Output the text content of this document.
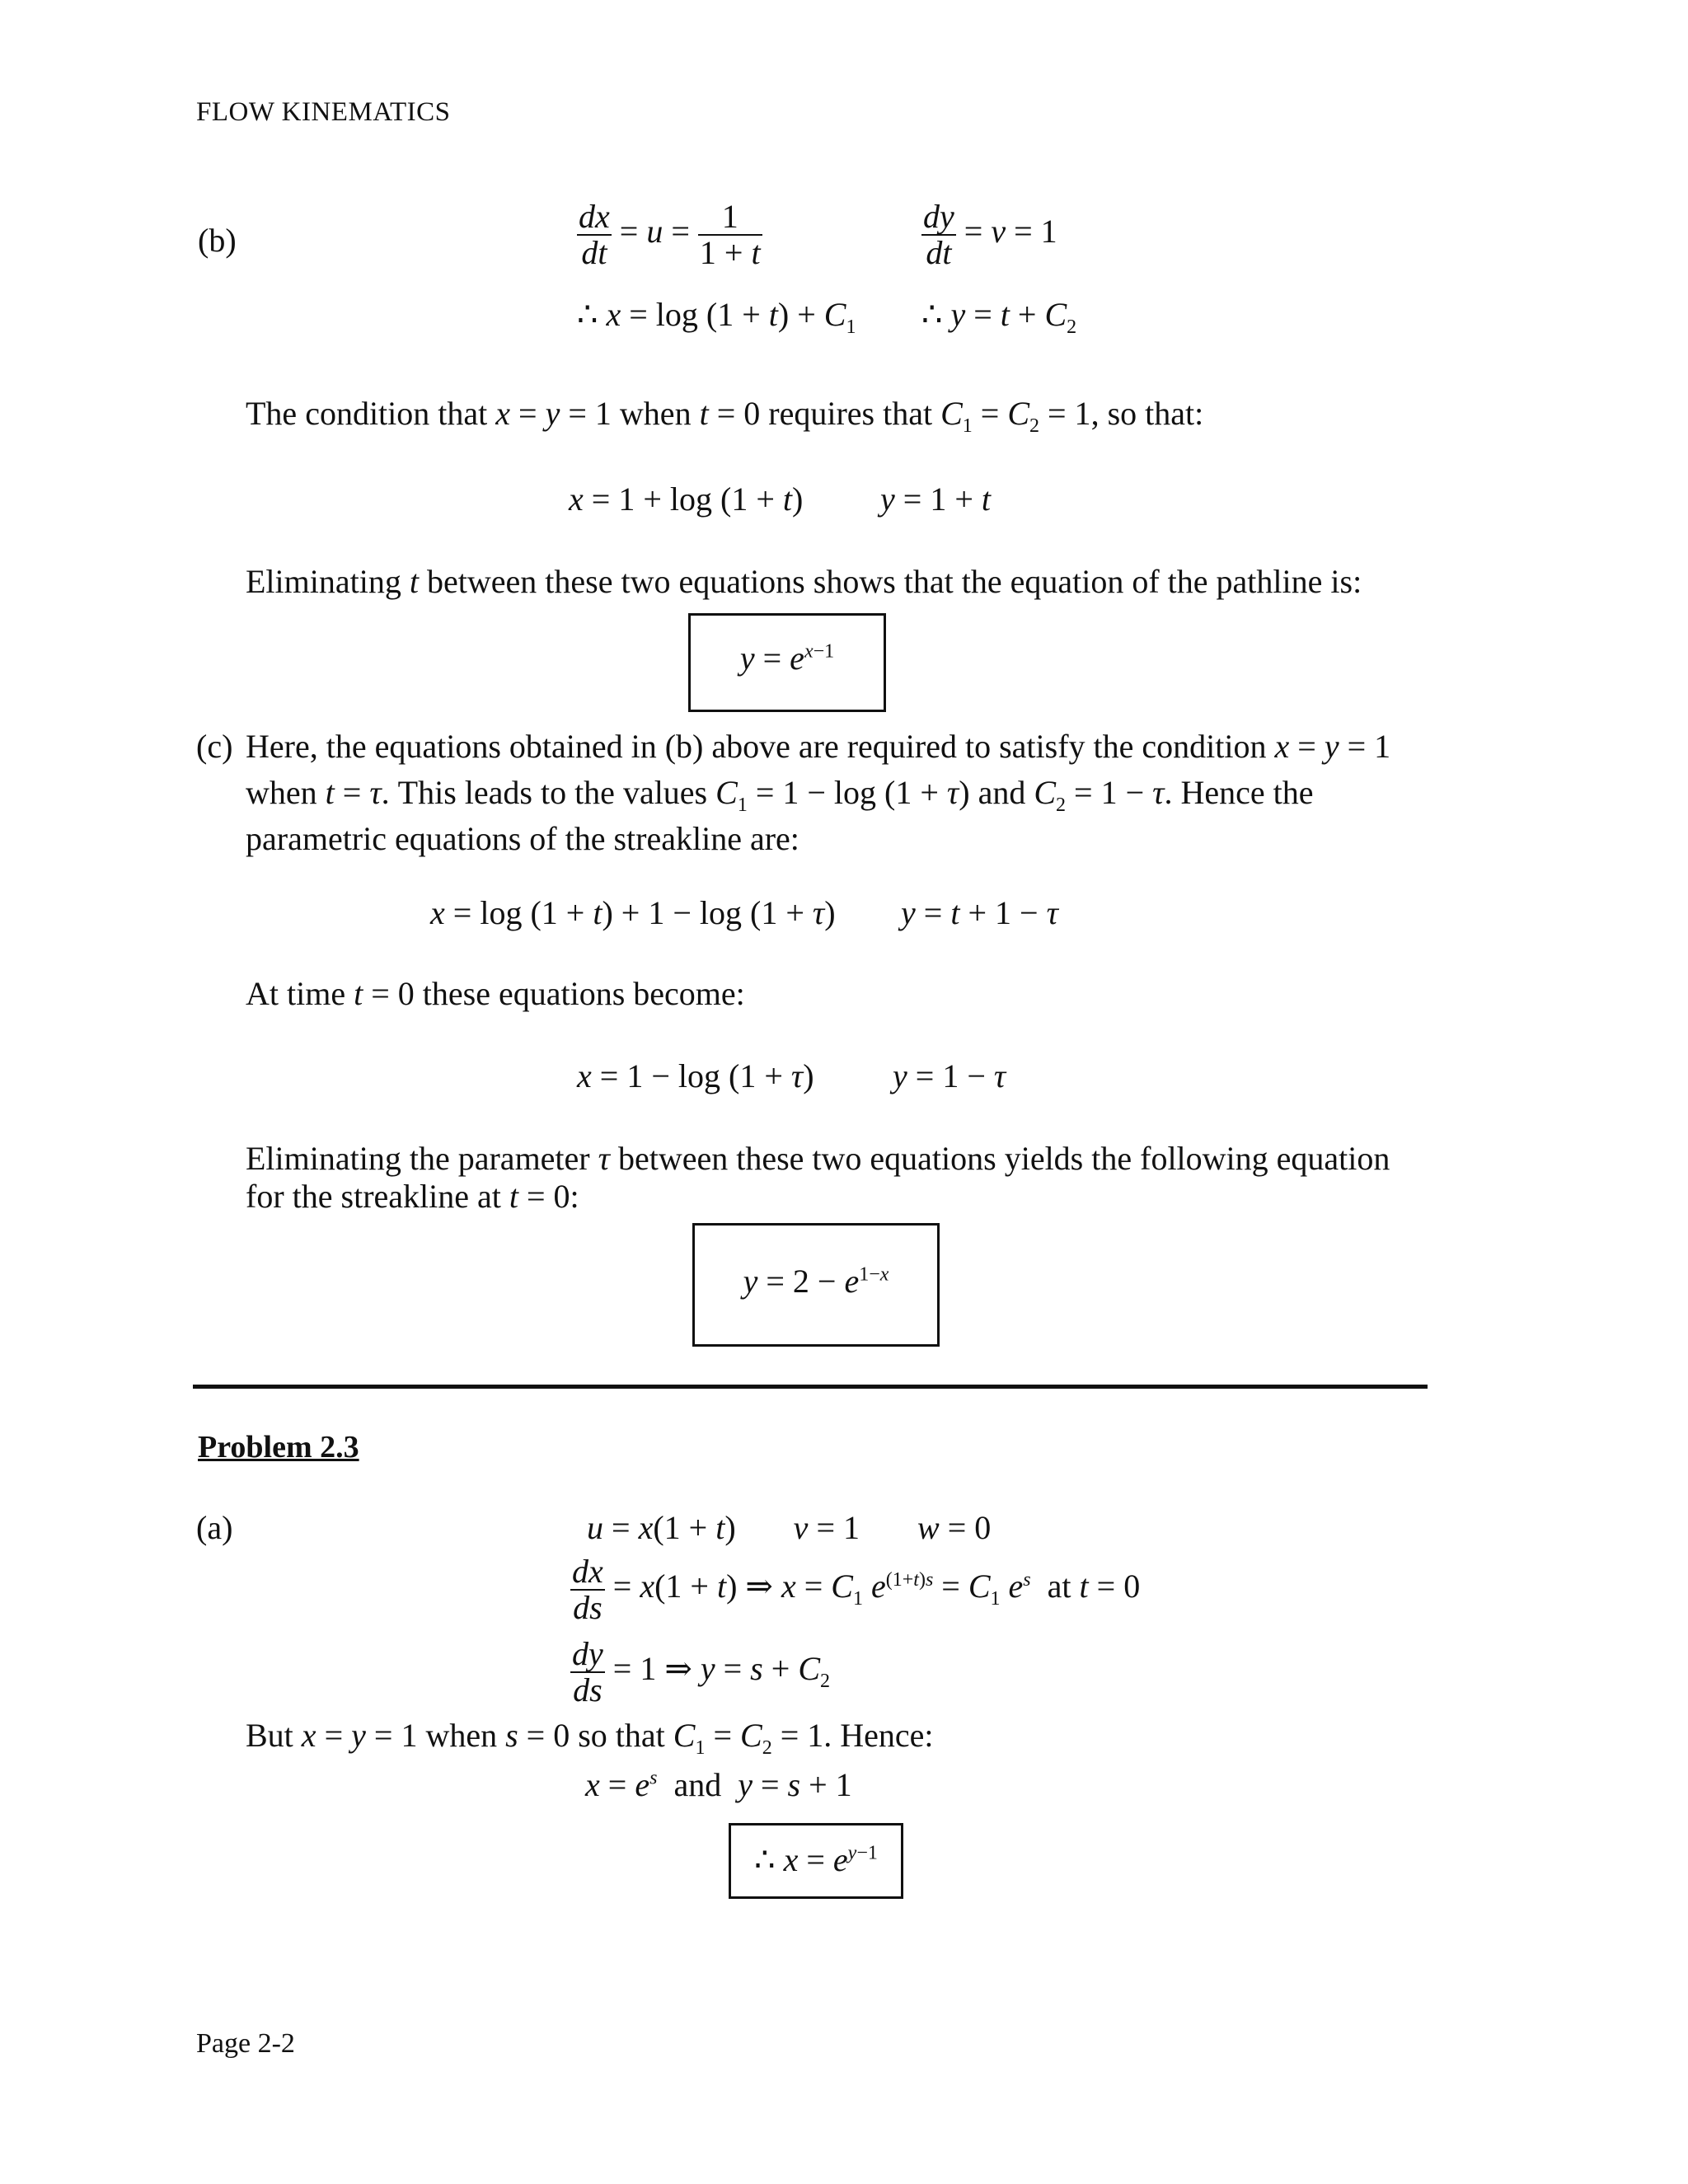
FLOW KINEMATICS
(b)	$\frac{dx}{dt} = u = \frac{1}{1 + t}$	$\frac{dy}{dt} = v = 1$
∴ $x = \log (1 + t) + C_1$ ∴ $y = t + C_2$
The condition that x = y = 1 when t = 0 requires that $C_1 = C_2 = 1$, so that:
x = 1 + log (1 + t) y = 1 + t
Eliminating t between these two equations shows that the equation of the pathline is:
$y = e^{x-1}$
(c) Here, the equations obtained in (b) above are required to satisfy the condition x = y = 1
when t = τ. This leads to the values $C_1 = 1 - \log (1 + \tau)$ and $C_2 = 1 - \tau$. Hence the
parametric equations of the streakline are:
x = log (1 + t) + 1 − log (1 + τ) y = t + 1 − τ
At time t = 0 these equations become:
x = 1 − log (1 + τ) y = 1 − τ
Eliminating the parameter τ between these two equations yields the following equation
for the streakline at t = 0:
$y = 2 - e^{1-x}$
Problem 2.3
(a)	u = x(1 + t)       v = 1       w = 0
$\frac{dx}{ds} = x(1 + t)$ ⇒ $x = C_1$ $e^{(1+t)s} = C_1$ $e^s$ at t = 0
$\frac{dy}{ds} = 1$ ⇒ $y = s + C_2$
But x = y = 1 when s = 0 so that $C_1 = C_2 = 1$. Hence:
$x = e^s$ and y = s + 1
∴ $x = e^{y-1}$
Page 2-2
